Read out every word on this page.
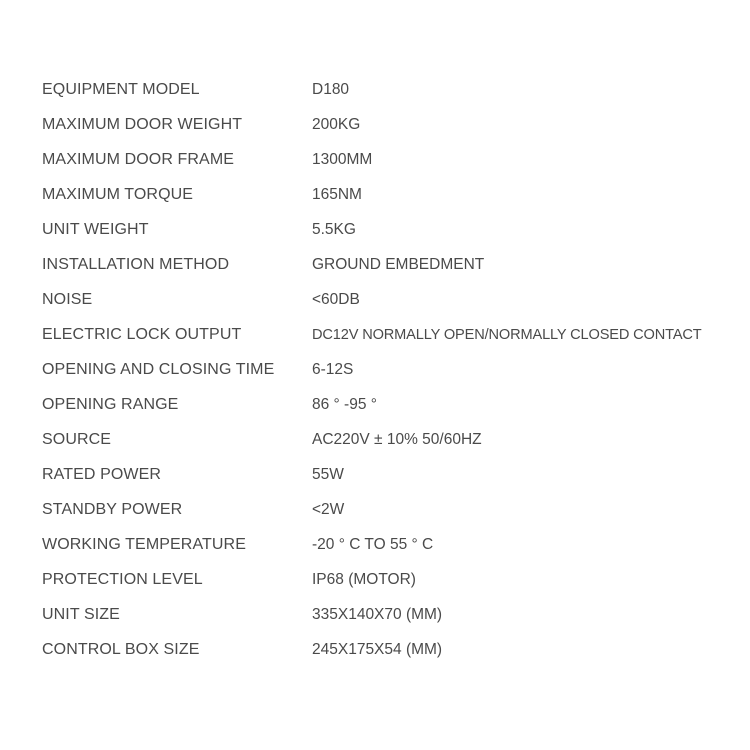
EQUIPMENT MODEL	D180
MAXIMUM DOOR WEIGHT	200KG
MAXIMUM DOOR FRAME	1300MM
MAXIMUM TORQUE	165NM
UNIT WEIGHT	5.5KG
INSTALLATION METHOD	GROUND EMBEDMENT
NOISE	<60DB
ELECTRIC LOCK OUTPUT	DC12V NORMALLY OPEN/NORMALLY CLOSED CONTACT
OPENING AND CLOSING TIME	6-12S
OPENING RANGE	86 ° -95 °
SOURCE	AC220V ± 10% 50/60HZ
RATED POWER	55W
STANDBY POWER	<2W
WORKING TEMPERATURE	-20 ° C TO 55 ° C
PROTECTION LEVEL	IP68 (MOTOR)
UNIT SIZE	335X140X70 (MM)
CONTROL BOX SIZE	245X175X54 (MM)
